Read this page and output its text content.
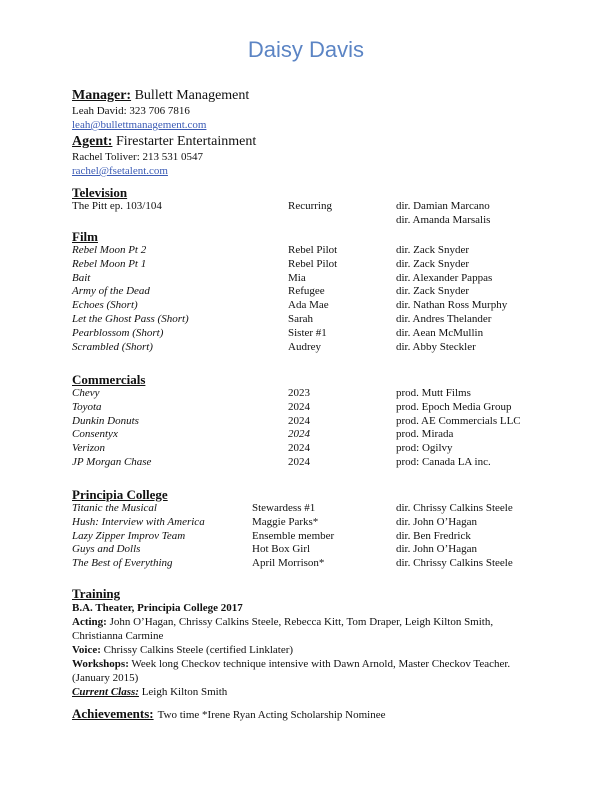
Daisy Davis
Manager: Bullett Management
Leah David: 323 706 7816
leah@bullettmanagement.com
Agent: Firestarter Entertainment
Rachel Toliver: 213 531 0547
rachel@fsetalent.com
Television
The Pitt ep. 103/104	Recurring	dir. Damian Marcano
dir. Amanda Marsalis
Film
Rebel Moon Pt 2	Rebel Pilot	dir. Zack Snyder
Rebel Moon Pt 1	Rebel Pilot	dir. Zack Snyder
Bait	Mia	dir. Alexander Pappas
Army of the Dead	Refugee	dir. Zack Snyder
Echoes (Short)	Ada Mae	dir. Nathan Ross Murphy
Let the Ghost Pass (Short)	Sarah	dir. Andres Thelander
Pearblossom (Short)	Sister #1	dir. Aean McMullin
Scrambled (Short)	Audrey	dir. Abby Steckler
Commercials
Chevy	2023	prod. Mutt Films
Toyota	2024	prod. Epoch Media Group
Dunkin Donuts	2024	prod. AE Commercials LLC
Consentyx	2024	prod. Mirada
Verizon	2024	prod: Ogilvy
JP Morgan Chase	2024	prod: Canada LA inc.
Principia College
Titanic the Musical	Stewardess #1	dir. Chrissy Calkins Steele
Hush: Interview with America	Maggie Parks*	dir. John O’Hagan
Lazy Zipper Improv Team	Ensemble member	dir. Ben Fredrick
Guys and Dolls	Hot Box Girl	dir. John O’Hagan
The Best of Everything	April Morrison*	dir. Chrissy Calkins Steele
Training
B.A. Theater, Principia College 2017
Acting: John O’Hagan, Chrissy Calkins Steele, Rebecca Kitt, Tom Draper, Leigh Kilton Smith, Christianna Carmine
Voice: Chrissy Calkins Steele (certified Linklater)
Workshops: Week long Checkov technique intensive with Dawn Arnold, Master Checkov Teacher. (January 2015)
Current Class: Leigh Kilton Smith
Achievements: Two time *Irene Ryan Acting Scholarship Nominee
